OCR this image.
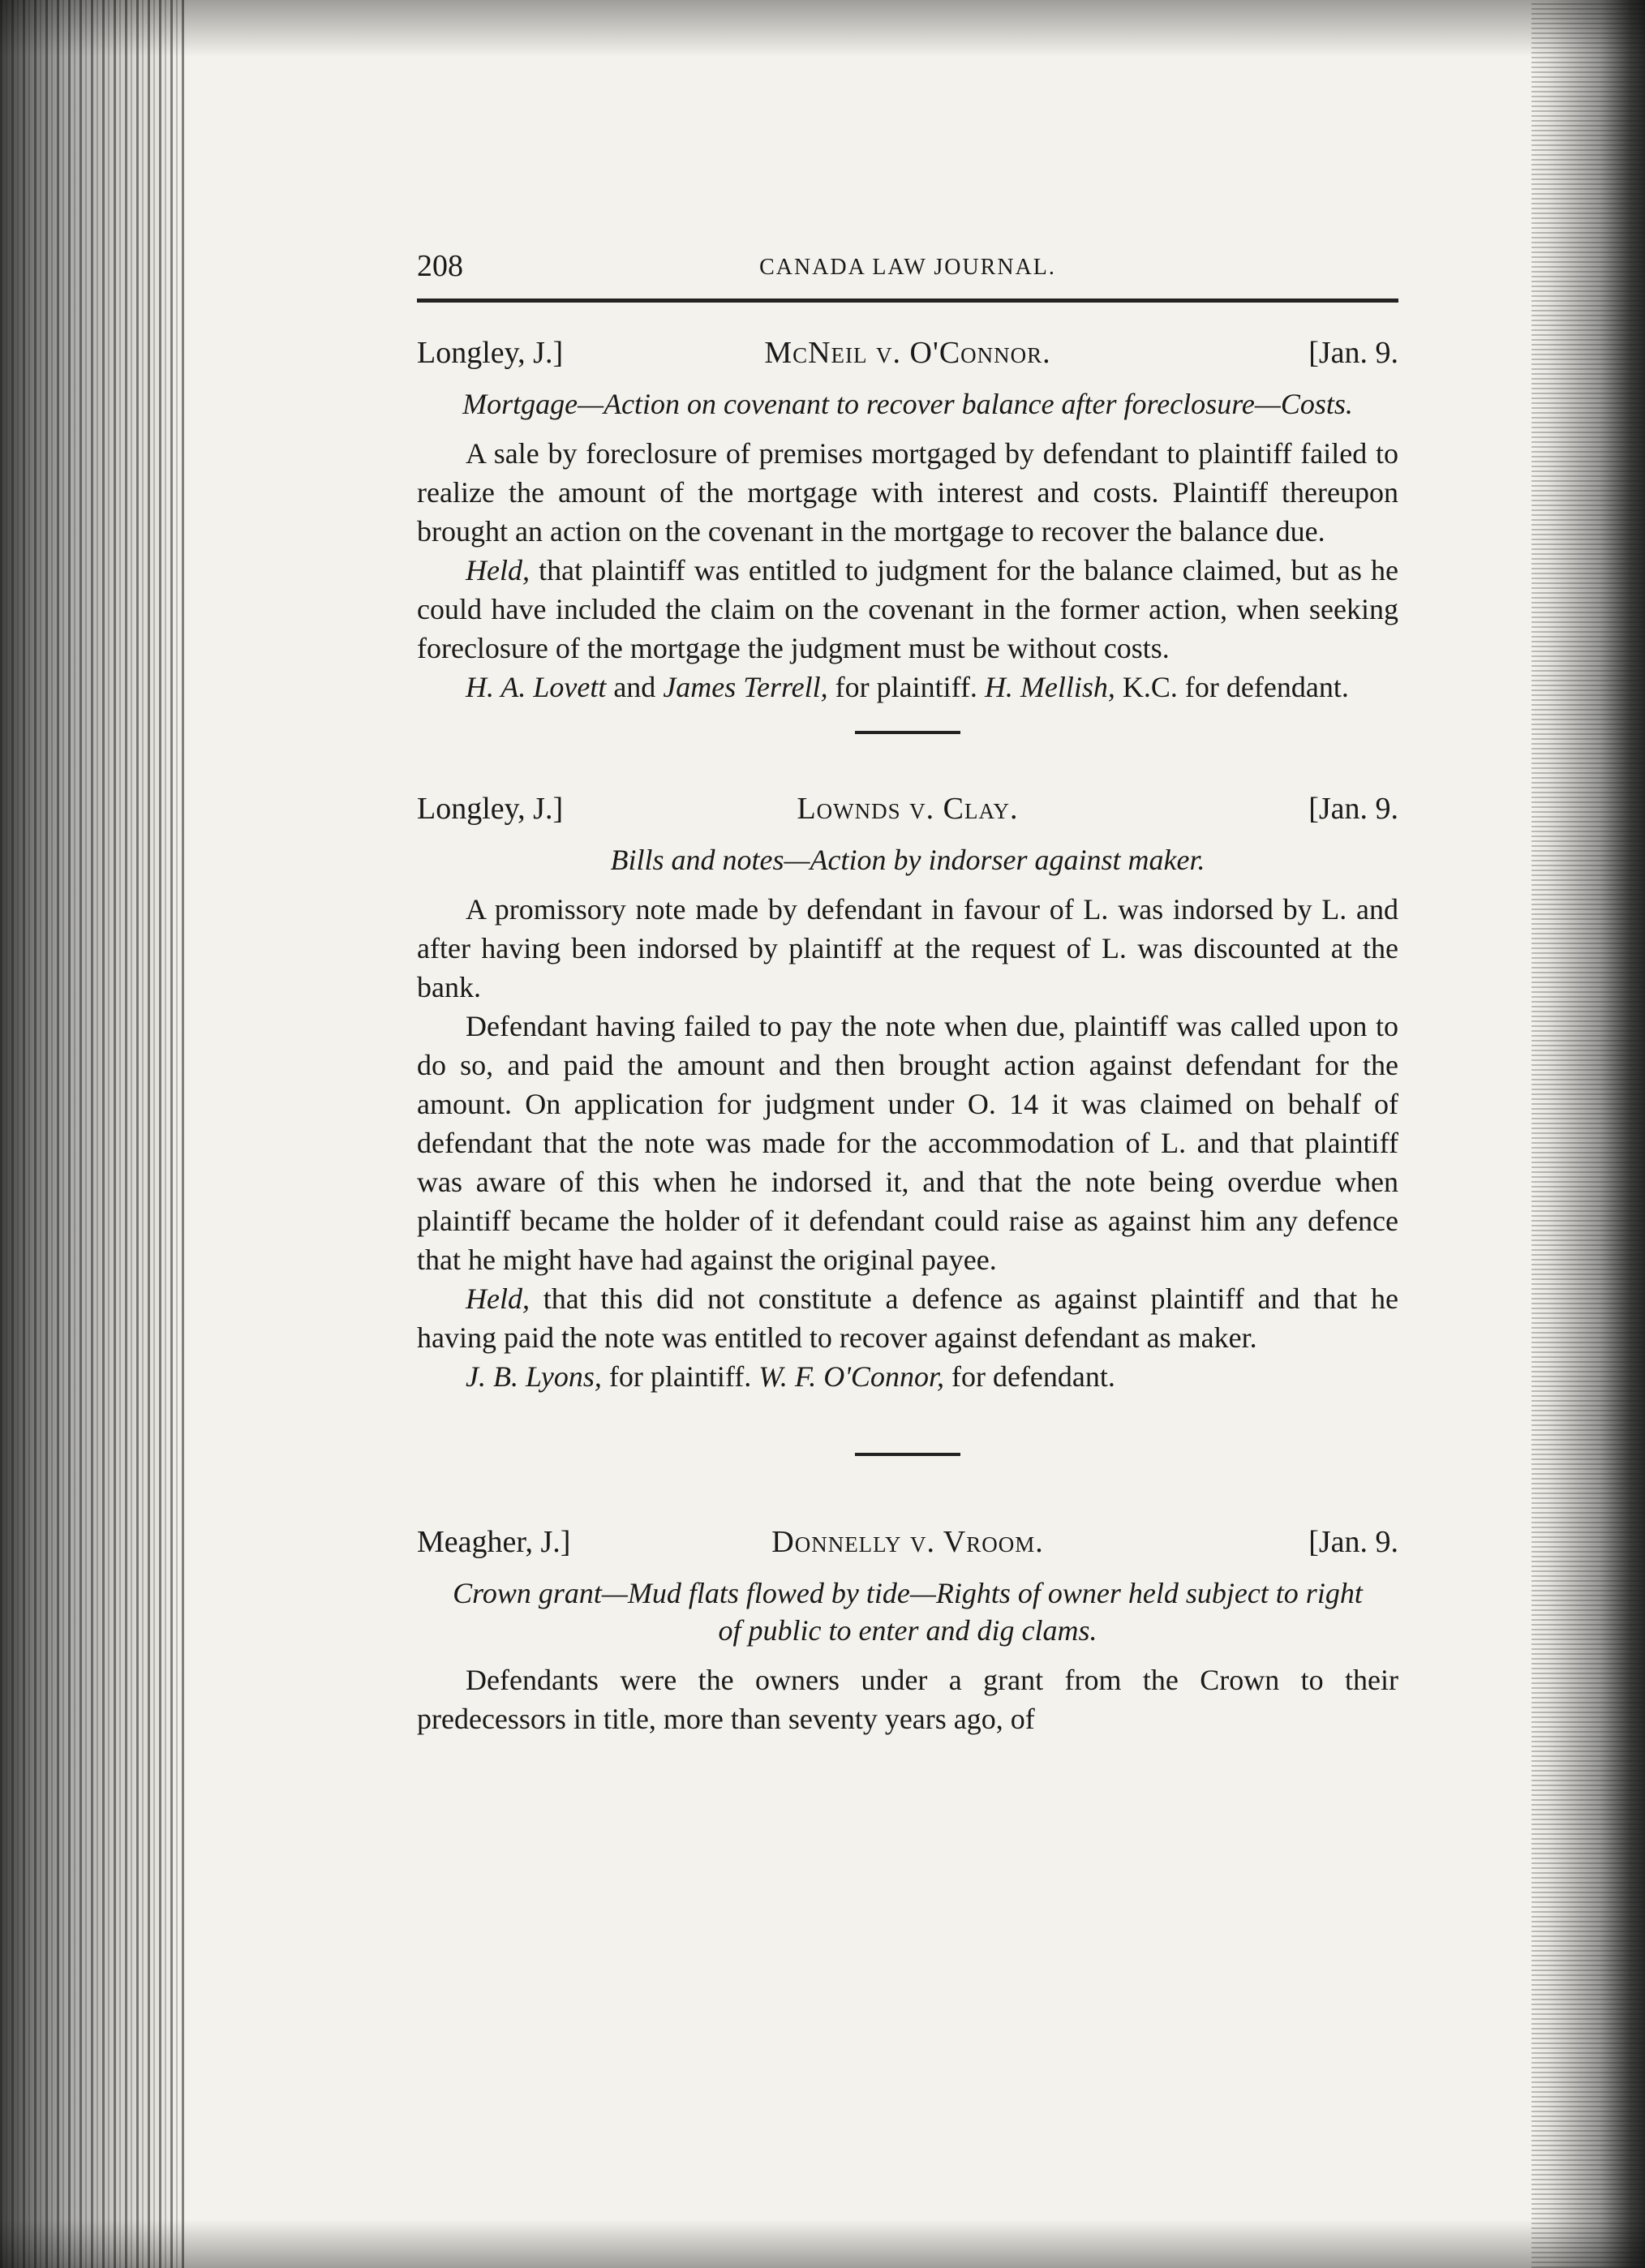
208	CANADA LAW JOURNAL.
Longley, J.]	McNeil v. O'Connor.	[Jan. 9.
Mortgage—Action on covenant to recover balance after foreclosure—Costs.

A sale by foreclosure of premises mortgaged by defendant to plaintiff failed to realize the amount of the mortgage with interest and costs. Plaintiff thereupon brought an action on the covenant in the mortgage to recover the balance due.

Held, that plaintiff was entitled to judgment for the balance claimed, but as he could have included the claim on the covenant in the former action, when seeking foreclosure of the mortgage the judgment must be without costs.

H. A. Lovett and James Terrell, for plaintiff. H. Mellish, K.C. for defendant.

Longley, J.]	Lownds v. Clay.	[Jan. 9.
Bills and notes—Action by indorser against maker.

A promissory note made by defendant in favour of L. was indorsed by L. and after having been indorsed by plaintiff at the request of L. was discounted at the bank.

Defendant having failed to pay the note when due, plaintiff was called upon to do so, and paid the amount and then brought action against defendant for the amount. On application for judgment under O. 14 it was claimed on behalf of defendant that the note was made for the accommodation of L. and that plaintiff was aware of this when he indorsed it, and that the note being overdue when plaintiff became the holder of it defendant could raise as against him any defence that he might have had against the original payee.

Held, that this did not constitute a defence as against plaintiff and that he having paid the note was entitled to recover against defendant as maker.

J. B. Lyons, for plaintiff. W. F. O'Connor, for defendant.

Meagher, J.]	Donnelly v. Vroom.	[Jan. 9.
Crown grant—Mud flats flowed by tide—Rights of owner held subject to right of public to enter and dig clams.

Defendants were the owners under a grant from the Crown to their predecessors in title, more than seventy years ago, of
